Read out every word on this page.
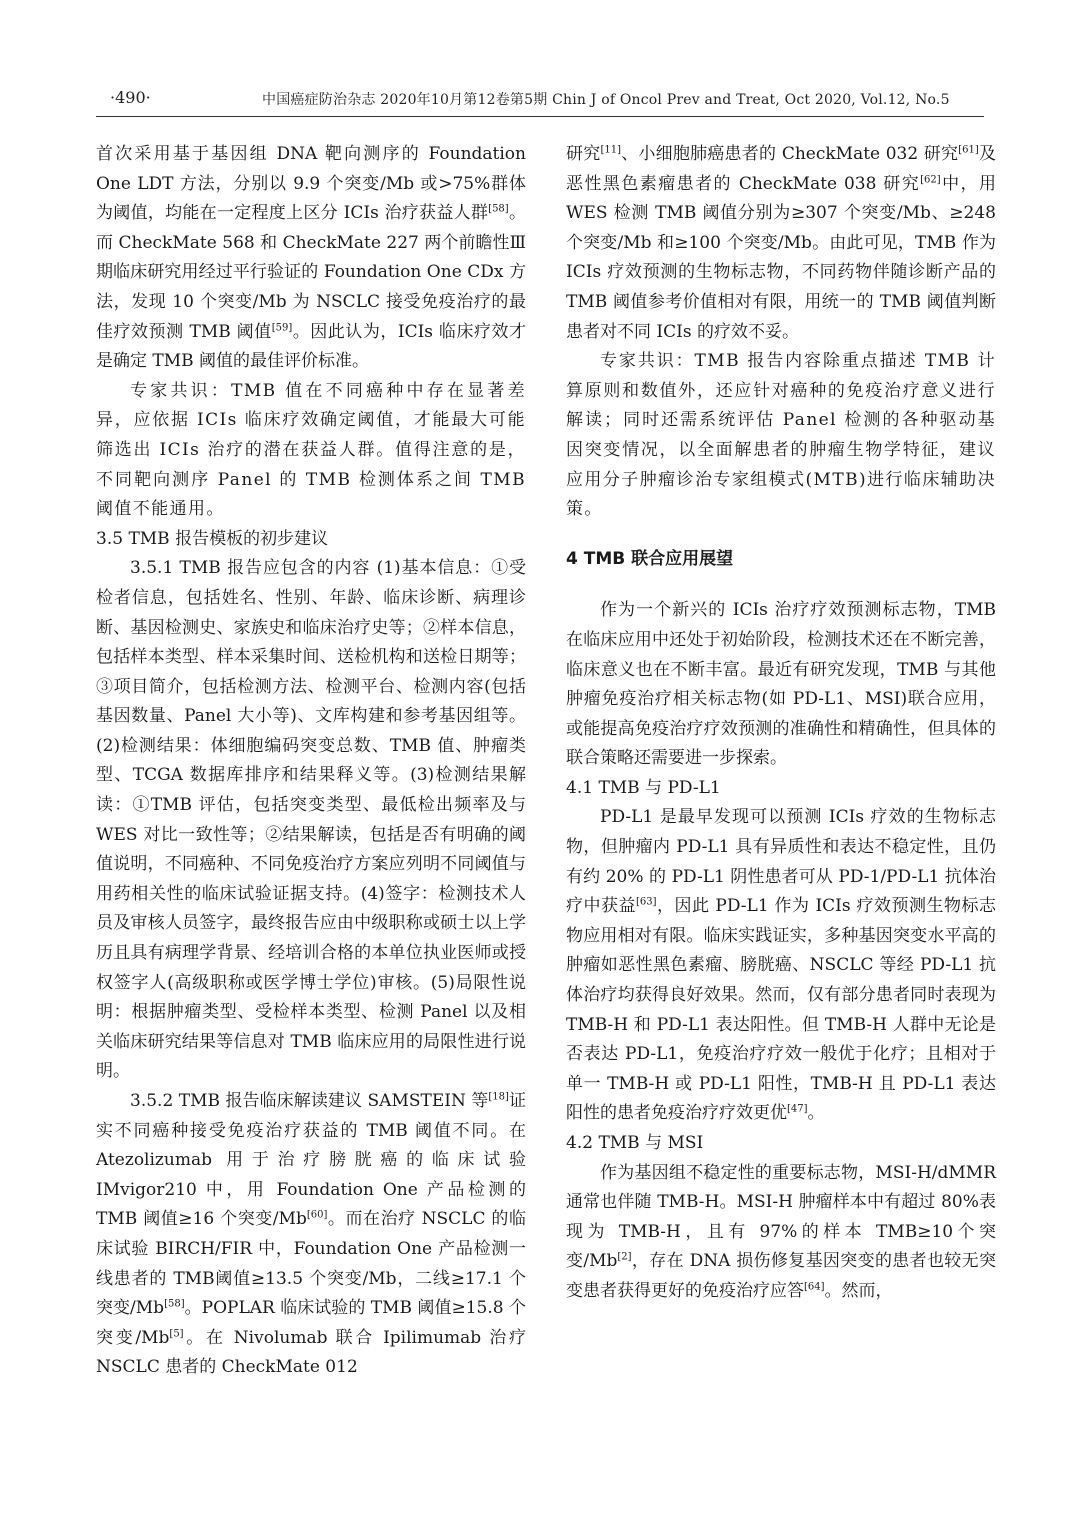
·490·	中国癌症防治杂志 2020年10月第12卷第5期 Chin J of Oncol Prev and Treat, Oct 2020, Vol.12, No.5

首次采用基于基因组 DNA 靶向测序的 Foundation One LDT 方法，分别以 9.9 个突变/Mb 或>75%群体为阈值，均能在一定程度上区分 ICIs 治疗获益人群[58]。而 CheckMate 568 和 CheckMate 227 两个前瞻性Ⅲ期临床研究用经过平行验证的 Foundation One CDx 方法，发现 10 个突变/Mb 为 NSCLC 接受免疫治疗的最佳疗效预测 TMB 阈值[59]。因此认为，ICIs 临床疗效才是确定 TMB 阈值的最佳评价标准。

专家共识：TMB 值在不同癌种中存在显著差异，应依据 ICIs 临床疗效确定阈值，才能最大可能筛选出 ICIs 治疗的潜在获益人群。值得注意的是，不同靶向测序 Panel 的 TMB 检测体系之间 TMB 阈值不能通用。

3.5 TMB 报告模板的初步建议

3.5.1 TMB 报告应包含的内容 (1)基本信息：①受检者信息，包括姓名、性别、年龄、临床诊断、病理诊断、基因检测史、家族史和临床治疗史等；②样本信息，包括样本类型、样本采集时间、送检机构和送检日期等；③项目简介，包括检测方法、检测平台、检测内容(包括基因数量、Panel 大小等)、文库构建和参考基因组等。(2)检测结果：体细胞编码突变总数、TMB 值、肿瘤类型、TCGA 数据库排序和结果释义等。(3)检测结果解读：①TMB 评估，包括突变类型、最低检出频率及与 WES 对比一致性等；②结果解读，包括是否有明确的阈值说明，不同癌种、不同免疫治疗方案应列明不同阈值与用药相关性的临床试验证据支持。(4)签字：检测技术人员及审核人员签字，最终报告应由中级职称或硕士以上学历且具有病理学背景、经培训合格的本单位执业医师或授权签字人(高级职称或医学博士学位)审核。(5)局限性说明：根据肿瘤类型、受检样本类型、检测 Panel 以及相关临床研究结果等信息对 TMB 临床应用的局限性进行说明。

3.5.2 TMB 报告临床解读建议 SAMSTEIN 等[18]证实不同癌种接受免疫治疗获益的 TMB 阈值不同。在 Atezolizumab 用于治疗膀胱癌的临床试验 IMvigor210 中，用 Foundation One 产品检测的 TMB 阈值≥16 个突变/Mb[60]。而在治疗 NSCLC 的临床试验 BIRCH/FIR 中，Foundation One 产品检测一线患者的 TMB阈值≥13.5 个突变/Mb，二线≥17.1 个突变/Mb[58]。POPLAR 临床试验的 TMB 阈值≥15.8 个突变/Mb[5]。在 Nivolumab 联合 Ipilimumab 治疗 NSCLC 患者的 CheckMate 012

研究[11]、小细胞肺癌患者的 CheckMate 032 研究[61]及恶性黑色素瘤患者的 CheckMate 038 研究[62]中，用 WES 检测 TMB 阈值分别为≥307 个突变/Mb、≥248 个突变/Mb 和≥100 个突变/Mb。由此可见，TMB 作为 ICIs 疗效预测的生物标志物，不同药物伴随诊断产品的 TMB 阈值参考价值相对有限，用统一的 TMB 阈值判断患者对不同 ICIs 的疗效不妥。

专家共识：TMB 报告内容除重点描述 TMB 计算原则和数值外，还应针对癌种的免疫治疗意义进行解读；同时还需系统评估 Panel 检测的各种驱动基因突变情况，以全面解患者的肿瘤生物学特征，建议应用分子肿瘤诊治专家组模式(MTB)进行临床辅助决策。

4 TMB 联合应用展望

作为一个新兴的 ICIs 治疗疗效预测标志物，TMB 在临床应用中还处于初始阶段，检测技术还在不断完善，临床意义也在不断丰富。最近有研究发现，TMB 与其他肿瘤免疫治疗相关标志物(如 PD-L1、MSI)联合应用，或能提高免疫治疗疗效预测的准确性和精确性，但具体的联合策略还需要进一步探索。

4.1 TMB 与 PD-L1

PD-L1 是最早发现可以预测 ICIs 疗效的生物标志物，但肿瘤内 PD-L1 具有异质性和表达不稳定性，且仍有约 20% 的 PD-L1 阴性患者可从 PD-1/PD-L1 抗体治疗中获益[63]，因此 PD-L1 作为 ICIs 疗效预测生物标志物应用相对有限。临床实践证实，多种基因突变水平高的肿瘤如恶性黑色素瘤、膀胱癌、NSCLC 等经 PD-L1 抗体治疗均获得良好效果。然而，仅有部分患者同时表现为 TMB-H 和 PD-L1 表达阳性。但 TMB-H 人群中无论是否表达 PD-L1，免疫治疗疗效一般优于化疗；且相对于单一 TMB-H 或 PD-L1 阳性，TMB-H 且 PD-L1 表达阳性的患者免疫治疗疗效更优[47]。

4.2 TMB 与 MSI

作为基因组不稳定性的重要标志物，MSI-H/dMMR 通常也伴随 TMB-H。MSI-H 肿瘤样本中有超过 80%表现为 TMB-H，且有 97%的样本 TMB≥10个突变/Mb[2]，存在 DNA 损伤修复基因突变的患者也较无突变患者获得更好的免疫治疗应答[64]。然而，
